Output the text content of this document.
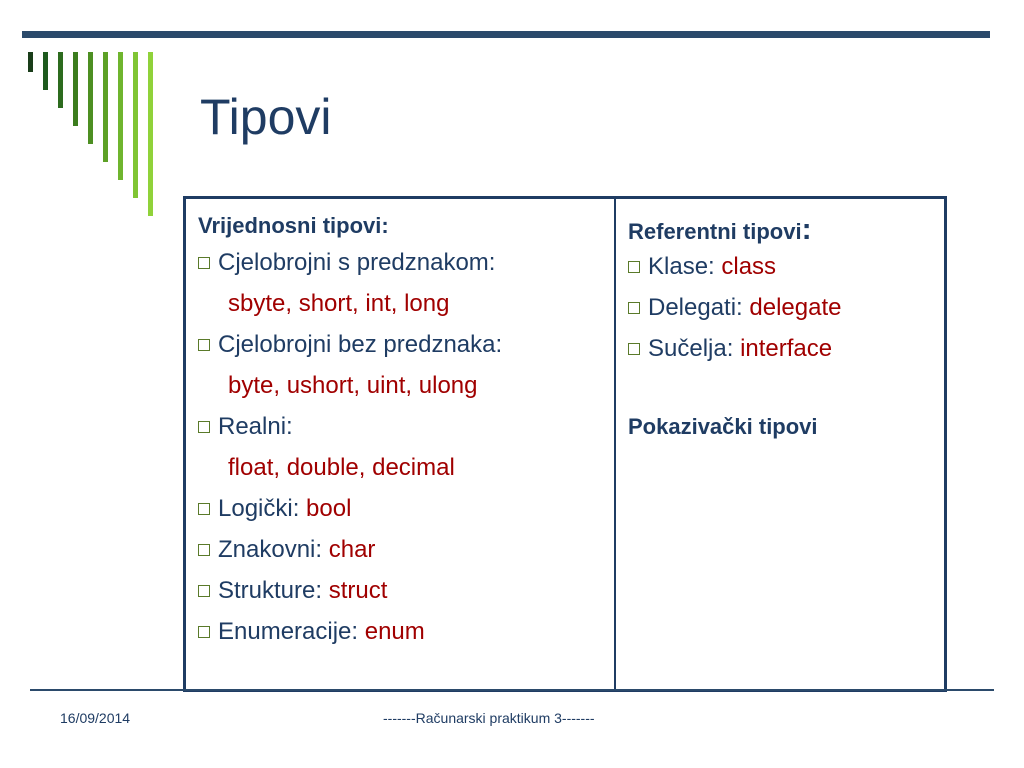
Tipovi
Vrijednosni tipovi:
Cjelobrojni s predznakom:
sbyte, short, int, long
Cjelobrojni bez predznaka:
byte, ushort, uint, ulong
Realni:
float, double, decimal
Logički: bool
Znakovni: char
Strukture: struct
Enumeracije: enum
Referentni tipovi:
Klase: class
Delegati: delegate
Sučelja: interface
Pokazivački tipovi
16/09/2014	-------Računarski praktikum 3-------
